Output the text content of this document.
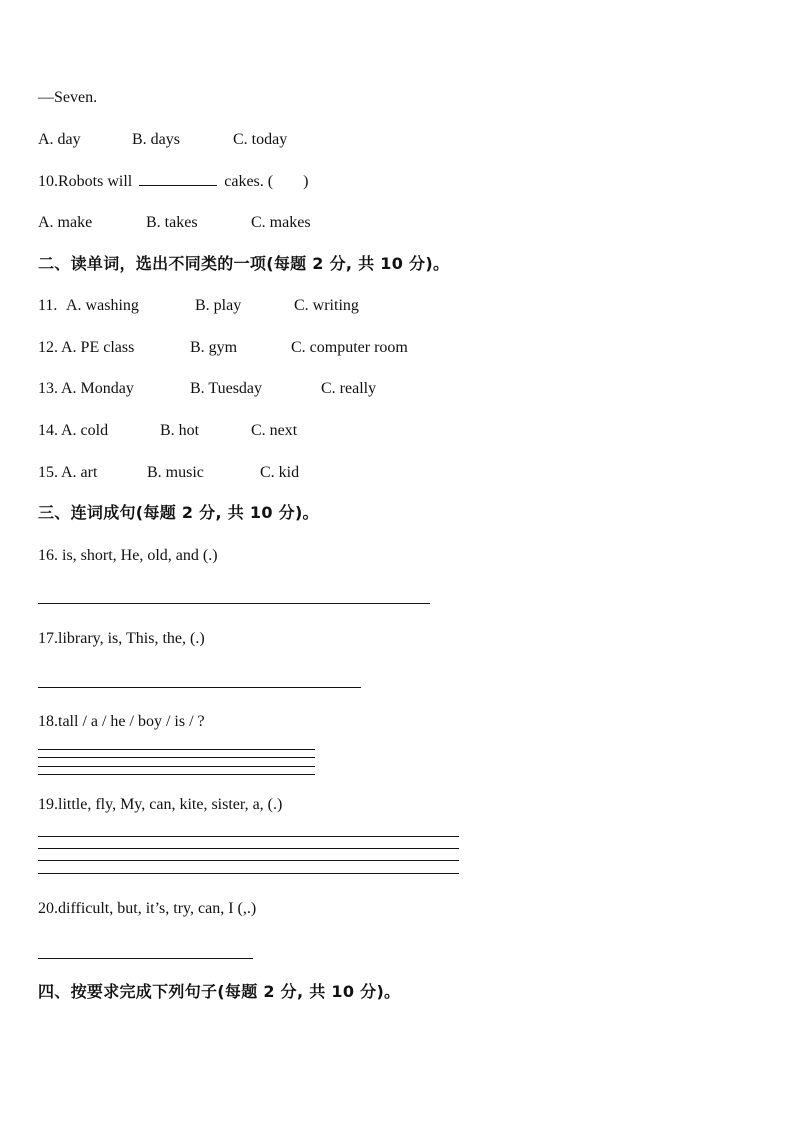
—Seven.
A. day	B. days	C. today
10.Robots will	cakes. ( )
A. make	B. takes	C. makes
二、读单词，选出不同类的一项(每题 2 分, 共 10 分)。
11. A. washing	B. play	C. writing
12. A. PE class	B. gym	C. computer room
13. A. Monday	B. Tuesday	C. really
14. A. cold	B. hot	C. next
15. A. art	B. music	C. kid
三、连词成句(每题 2 分, 共 10 分)。
16. is, short, He, old, and (.)
17.library, is, This, the, (.)
18.tall / a / he / boy / is / ?
19.little, fly, My, can, kite, sister, a, (.)
20.difficult, but, it’s, try, can, I (,.)
四、按要求完成下列句子(每题 2 分, 共 10 分)。
